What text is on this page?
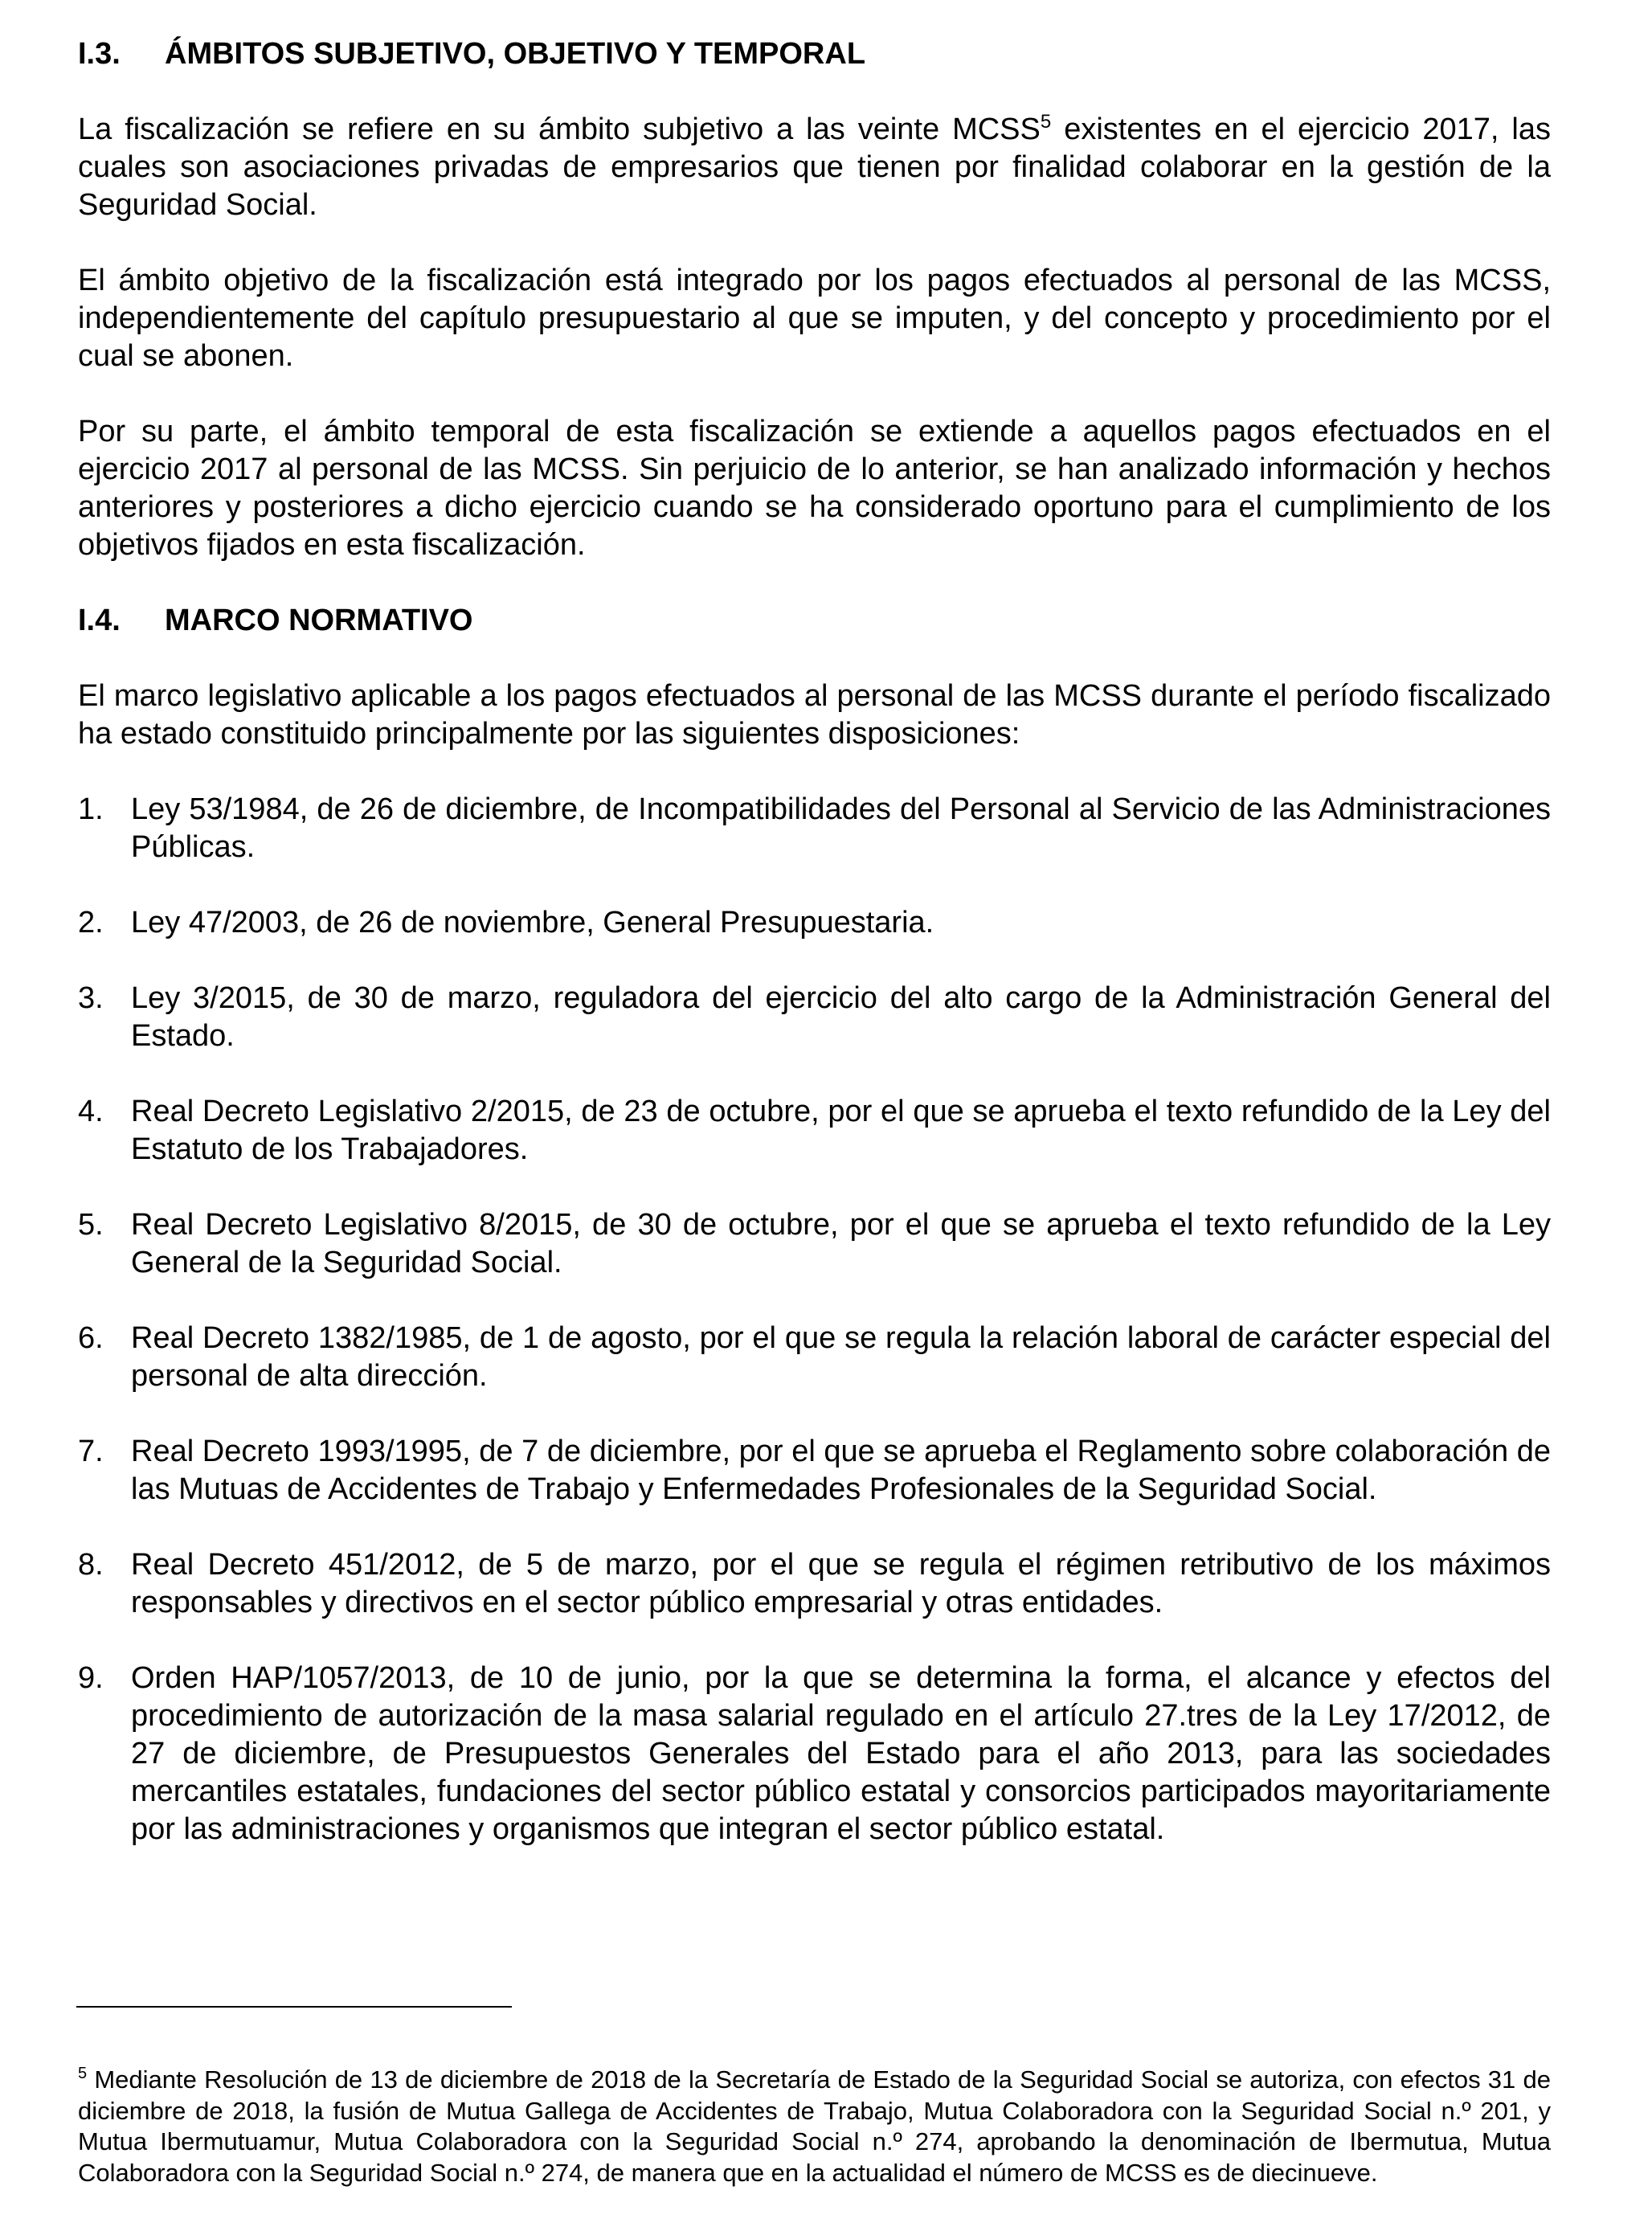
I.3.	ÁMBITOS SUBJETIVO, OBJETIVO Y TEMPORAL

La fiscalización se refiere en su ámbito subjetivo a las veinte MCSS$^5$ existentes en el ejercicio 2017, las cuales son asociaciones privadas de empresarios que tienen por finalidad colaborar en la gestión de la Seguridad Social.

El ámbito objetivo de la fiscalización está integrado por los pagos efectuados al personal de las MCSS, independientemente del capítulo presupuestario al que se imputen, y del concepto y procedimiento por el cual se abonen.

Por su parte, el ámbito temporal de esta fiscalización se extiende a aquellos pagos efectuados en el ejercicio 2017 al personal de las MCSS. Sin perjuicio de lo anterior, se han analizado información y hechos anteriores y posteriores a dicho ejercicio cuando se ha considerado oportuno para el cumplimiento de los objetivos fijados en esta fiscalización.

I.4.	MARCO NORMATIVO

El marco legislativo aplicable a los pagos efectuados al personal de las MCSS durante el período fiscalizado ha estado constituido principalmente por las siguientes disposiciones:

1. Ley 53/1984, de 26 de diciembre, de Incompatibilidades del Personal al Servicio de las Administraciones Públicas.
2. Ley 47/2003, de 26 de noviembre, General Presupuestaria.
3. Ley 3/2015, de 30 de marzo, reguladora del ejercicio del alto cargo de la Administración General del Estado.
4. Real Decreto Legislativo 2/2015, de 23 de octubre, por el que se aprueba el texto refundido de la Ley del Estatuto de los Trabajadores.
5. Real Decreto Legislativo 8/2015, de 30 de octubre, por el que se aprueba el texto refundido de la Ley General de la Seguridad Social.
6. Real Decreto 1382/1985, de 1 de agosto, por el que se regula la relación laboral de carácter especial del personal de alta dirección.
7. Real Decreto 1993/1995, de 7 de diciembre, por el que se aprueba el Reglamento sobre colaboración de las Mutuas de Accidentes de Trabajo y Enfermedades Profesionales de la Seguridad Social.
8. Real Decreto 451/2012, de 5 de marzo, por el que se regula el régimen retributivo de los máximos responsables y directivos en el sector público empresarial y otras entidades.
9. Orden HAP/1057/2013, de 10 de junio, por la que se determina la forma, el alcance y efectos del procedimiento de autorización de la masa salarial regulado en el artículo 27.tres de la Ley 17/2012, de 27 de diciembre, de Presupuestos Generales del Estado para el año 2013, para las sociedades mercantiles estatales, fundaciones del sector público estatal y consorcios participados mayoritariamente por las administraciones y organismos que integran el sector público estatal.

$^5$ Mediante Resolución de 13 de diciembre de 2018 de la Secretaría de Estado de la Seguridad Social se autoriza, con efectos 31 de diciembre de 2018, la fusión de Mutua Gallega de Accidentes de Trabajo, Mutua Colaboradora con la Seguridad Social n.º 201, y Mutua Ibermutuamur, Mutua Colaboradora con la Seguridad Social n.º 274, aprobando la denominación de Ibermutua, Mutua Colaboradora con la Seguridad Social n.º 274, de manera que en la actualidad el número de MCSS es de diecinueve.
